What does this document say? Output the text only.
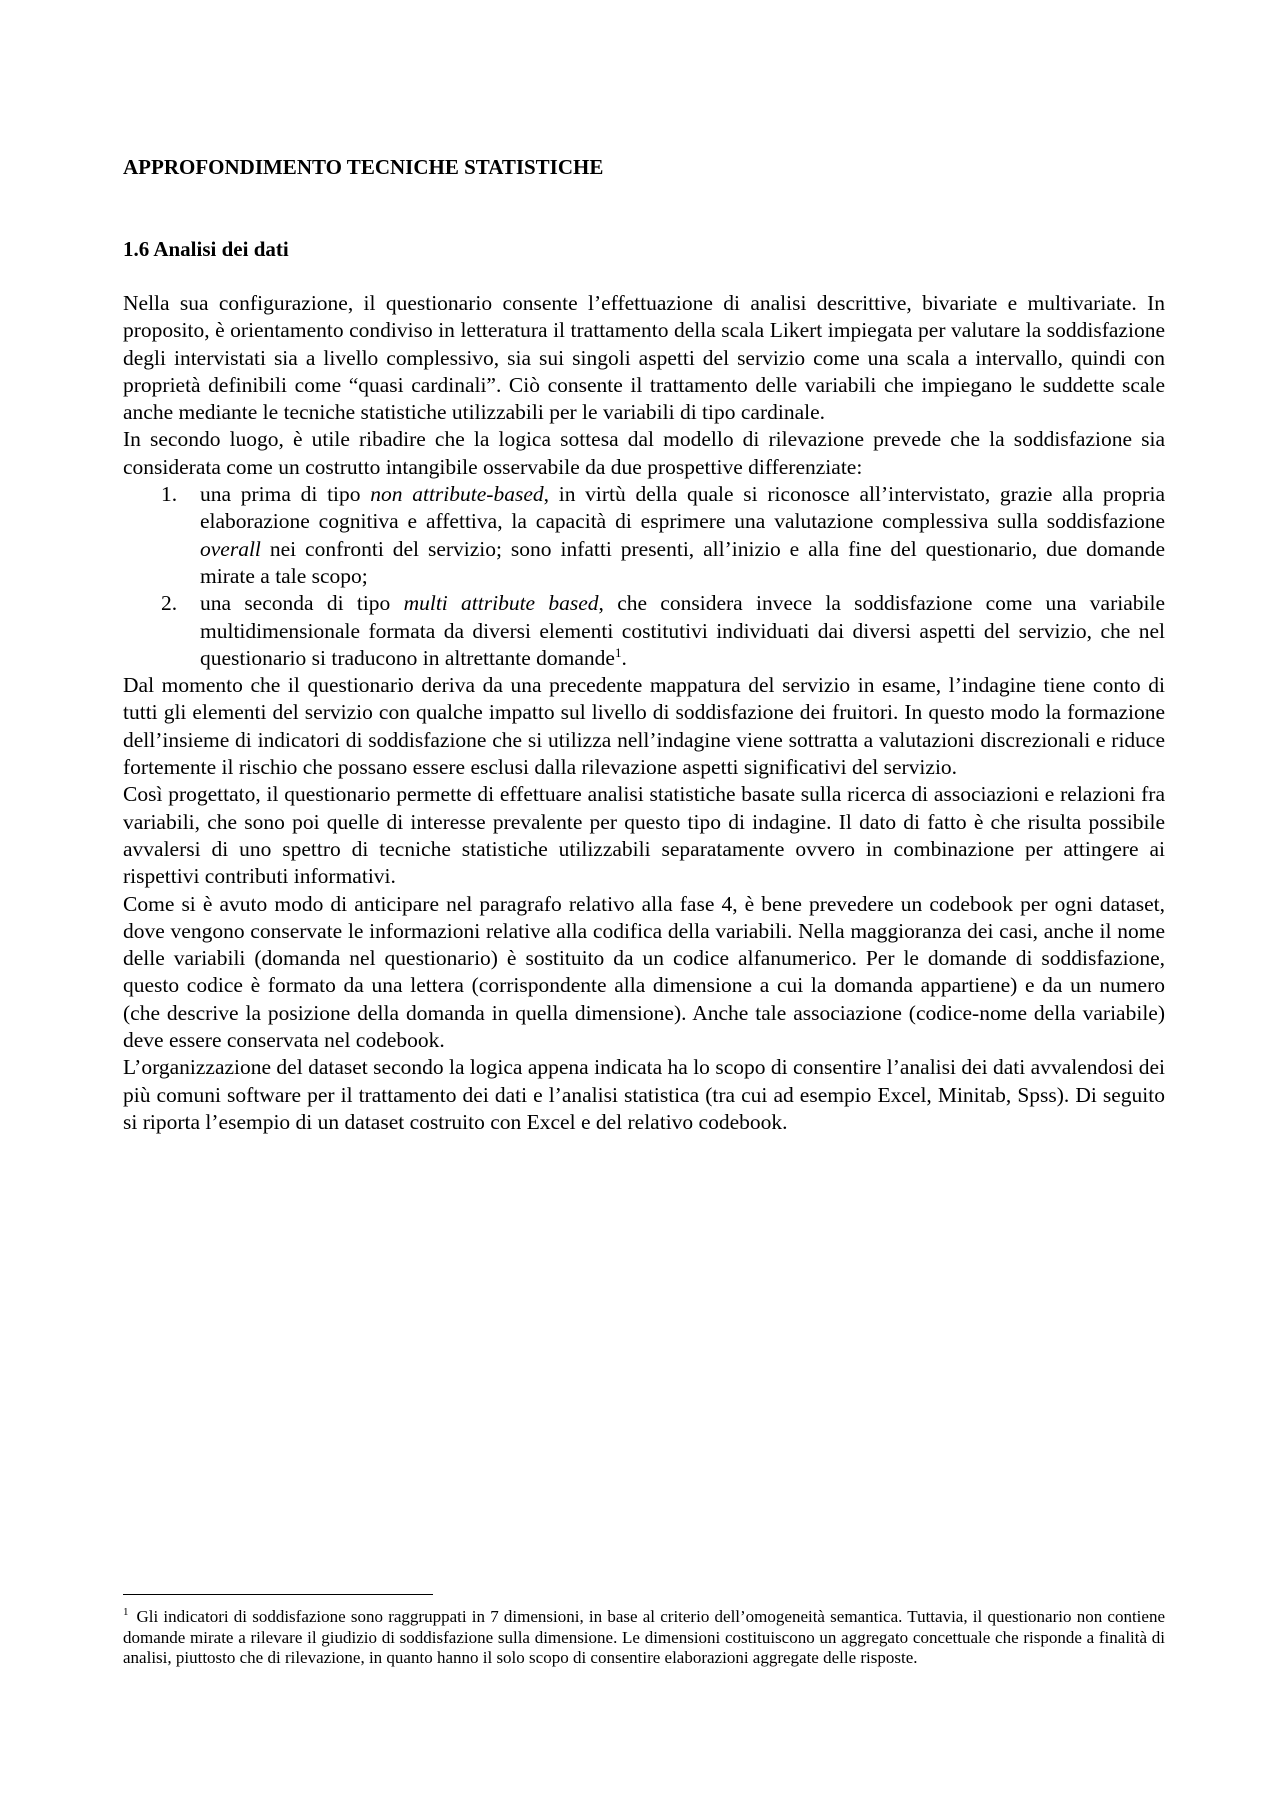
APPROFONDIMENTO TECNICHE STATISTICHE
1.6 Analisi dei dati

Nella sua configurazione, il questionario consente l’effettuazione di analisi descrittive, bivariate e multivariate. In proposito, è orientamento condiviso in letteratura il trattamento della scala Likert impiegata per valutare la soddisfazione degli intervistati sia a livello complessivo, sia sui singoli aspetti del servizio come una scala a intervallo, quindi con proprietà definibili come “quasi cardinali”. Ciò consente il trattamento delle variabili che impiegano le suddette scale anche mediante le tecniche statistiche utilizzabili per le variabili di tipo cardinale.

In secondo luogo, è utile ribadire che la logica sottesa dal modello di rilevazione prevede che la soddisfazione sia considerata come un costrutto intangibile osservabile da due prospettive differenziate:

1. una prima di tipo non attribute-based, in virtù della quale si riconosce all’intervistato, grazie alla propria elaborazione cognitiva e affettiva, la capacità di esprimere una valutazione complessiva sulla soddisfazione overall nei confronti del servizio; sono infatti presenti, all’inizio e alla fine del questionario, due domande mirate a tale scopo;
2. una seconda di tipo multi attribute based, che considera invece la soddisfazione come una variabile multidimensionale formata da diversi elementi costitutivi individuati dai diversi aspetti del servizio, che nel questionario si traducono in altrettante domande$^1$.

Dal momento che il questionario deriva da una precedente mappatura del servizio in esame, l’indagine tiene conto di tutti gli elementi del servizio con qualche impatto sul livello di soddisfazione dei fruitori. In questo modo la formazione dell’insieme di indicatori di soddisfazione che si utilizza nell’indagine viene sottratta a valutazioni discrezionali e riduce fortemente il rischio che possano essere esclusi dalla rilevazione aspetti significativi del servizio.

Così progettato, il questionario permette di effettuare analisi statistiche basate sulla ricerca di associazioni e relazioni fra variabili, che sono poi quelle di interesse prevalente per questo tipo di indagine. Il dato di fatto è che risulta possibile avvalersi di uno spettro di tecniche statistiche utilizzabili separatamente ovvero in combinazione per attingere ai rispettivi contributi informativi.

Come si è avuto modo di anticipare nel paragrafo relativo alla fase 4, è bene prevedere un codebook per ogni dataset, dove vengono conservate le informazioni relative alla codifica della variabili. Nella maggioranza dei casi, anche il nome delle variabili (domanda nel questionario) è sostituito da un codice alfanumerico. Per le domande di soddisfazione, questo codice è formato da una lettera (corrispondente alla dimensione a cui la domanda appartiene) e da un numero (che descrive la posizione della domanda in quella dimensione). Anche tale associazione (codice-nome della variabile) deve essere conservata nel codebook.

L’organizzazione del dataset secondo la logica appena indicata ha lo scopo di consentire l’analisi dei dati avvalendosi dei più comuni software per il trattamento dei dati e l’analisi statistica (tra cui ad esempio Excel, Minitab, Spss). Di seguito si riporta l’esempio di un dataset costruito con Excel e del relativo codebook.

$^1$ Gli indicatori di soddisfazione sono raggruppati in 7 dimensioni, in base al criterio dell’omogeneità semantica. Tuttavia, il questionario non contiene domande mirate a rilevare il giudizio di soddisfazione sulla dimensione. Le dimensioni costituiscono un aggregato concettuale che risponde a finalità di analisi, piuttosto che di rilevazione, in quanto hanno il solo scopo di consentire elaborazioni aggregate delle risposte.
